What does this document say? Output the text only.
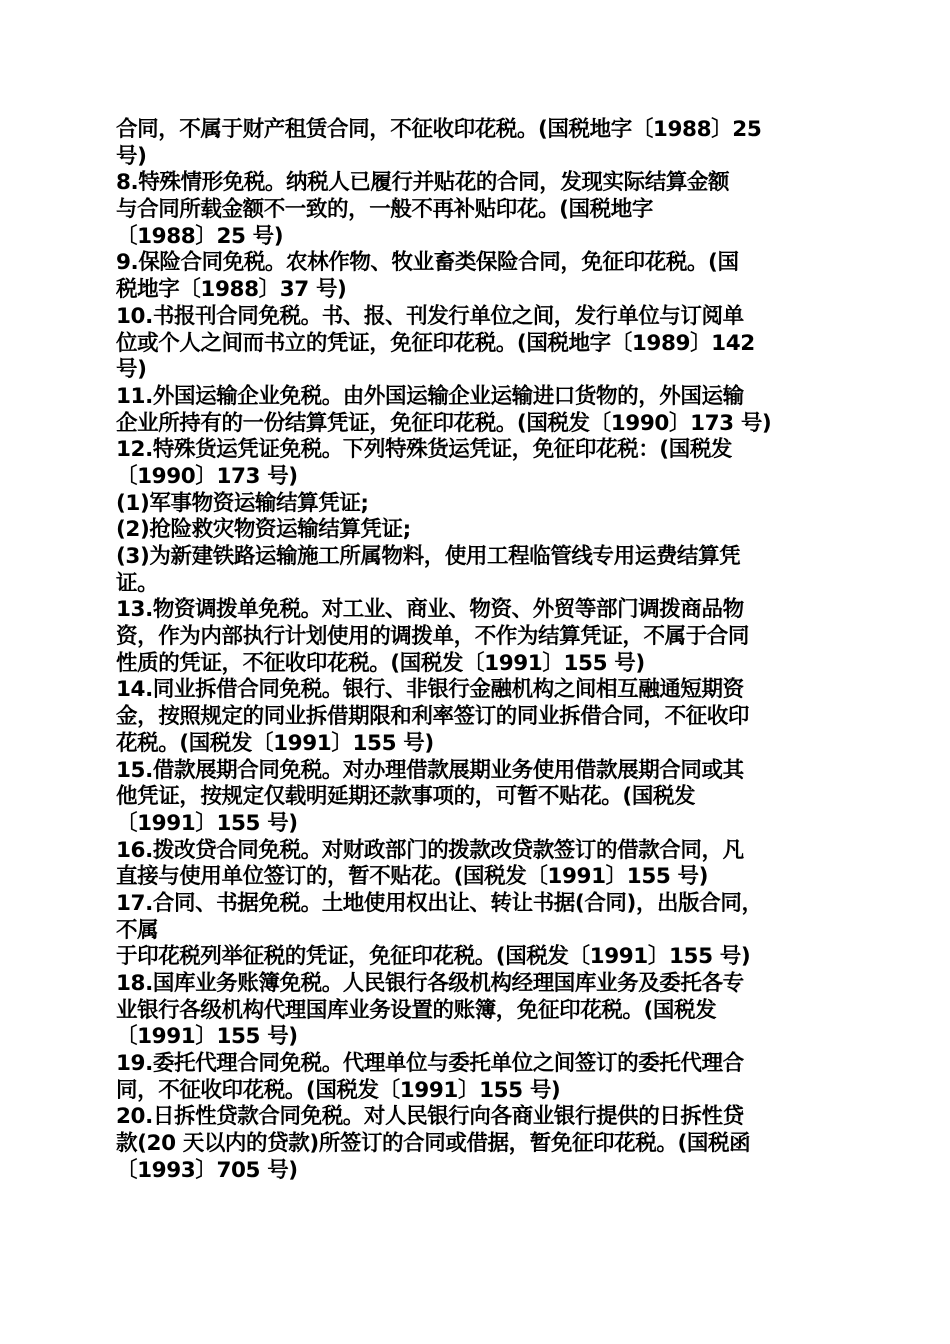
合同，不属于财产租赁合同，不征收印花税。(国税地字〔1988〕25
号)
8.特殊情形免税。纳税人已履行并贴花的合同，发现实际结算金额
与合同所载金额不一致的，一般不再补贴印花。(国税地字
〔1988〕25 号)
9.保险合同免税。农林作物、牧业畜类保险合同，免征印花税。(国
税地字〔1988〕37 号)
10.书报刊合同免税。书、报、刊发行单位之间，发行单位与订阅单
位或个人之间而书立的凭证，免征印花税。(国税地字〔1989〕142
号)
11.外国运输企业免税。由外国运输企业运输进口货物的，外国运输
企业所持有的一份结算凭证，免征印花税。(国税发〔1990〕173 号)
12.特殊货运凭证免税。下列特殊货运凭证，免征印花税：(国税发
〔1990〕173 号)
(1)军事物资运输结算凭证;
(2)抢险救灾物资运输结算凭证;
(3)为新建铁路运输施工所属物料，使用工程临管线专用运费结算凭
证。
13.物资调拨单免税。对工业、商业、物资、外贸等部门调拨商品物
资，作为内部执行计划使用的调拨单，不作为结算凭证，不属于合同
性质的凭证，不征收印花税。(国税发〔1991〕155 号)
14.同业拆借合同免税。银行、非银行金融机构之间相互融通短期资
金，按照规定的同业拆借期限和利率签订的同业拆借合同，不征收印
花税。(国税发〔1991〕155 号)
15.借款展期合同免税。对办理借款展期业务使用借款展期合同或其
他凭证，按规定仅载明延期还款事项的，可暂不贴花。(国税发
〔1991〕155 号)
16.拨改贷合同免税。对财政部门的拨款改贷款签订的借款合同，凡
直接与使用单位签订的，暂不贴花。(国税发〔1991〕155 号)
17.合同、书据免税。土地使用权出让、转让书据(合同)，出版合同，
不属
于印花税列举征税的凭证，免征印花税。(国税发〔1991〕155 号)
18.国库业务账簿免税。人民银行各级机构经理国库业务及委托各专
业银行各级机构代理国库业务设置的账簿，免征印花税。(国税发
〔1991〕155 号)
19.委托代理合同免税。代理单位与委托单位之间签订的委托代理合
同，不征收印花税。(国税发〔1991〕155 号)
20.日拆性贷款合同免税。对人民银行向各商业银行提供的日拆性贷
款(20 天以内的贷款)所签订的合同或借据，暂免征印花税。(国税函
〔1993〕705 号)
